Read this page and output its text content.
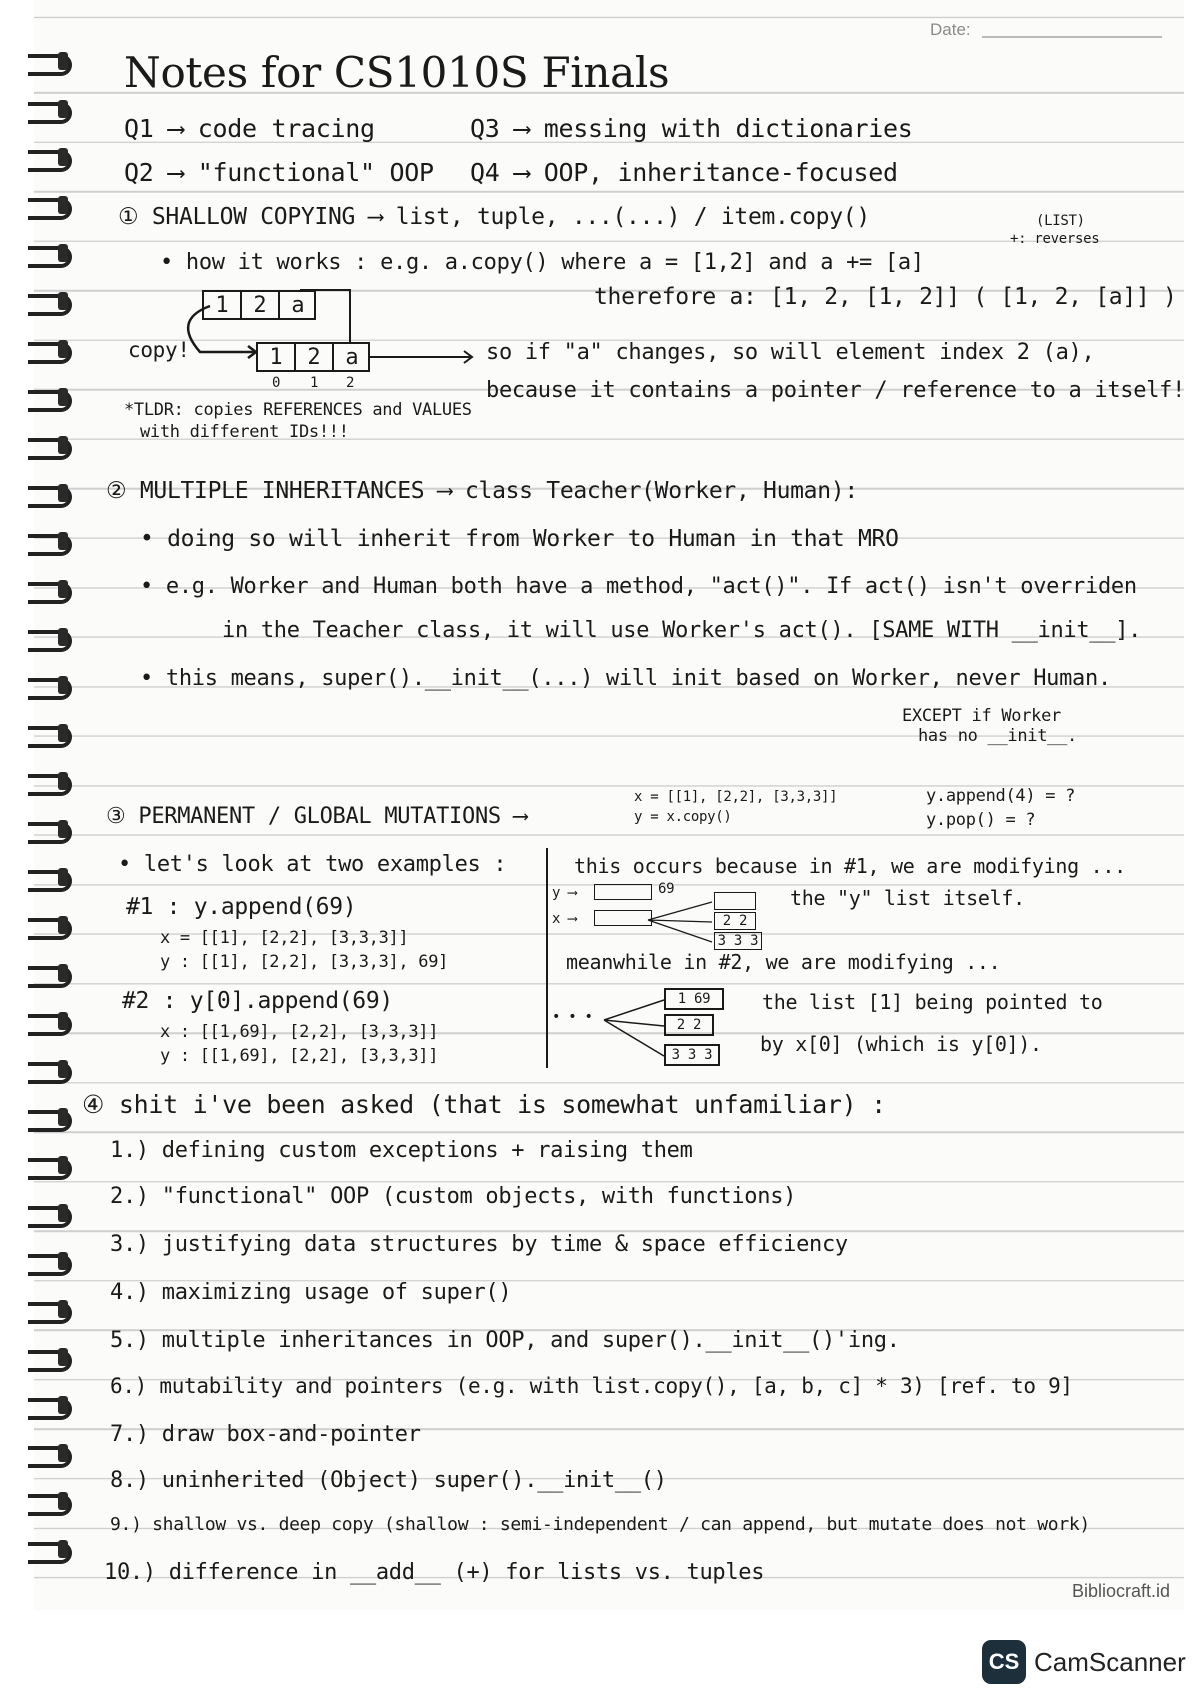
Date:
Notes for CS1010S Finals
Q1 ⟶ code tracing	Q3 ⟶ messing with dictionaries
Q2 ⟶ "functional" OOP Q4 ⟶ OOP, inheritance-focused
① SHALLOW COPYING ⟶ list, tuple, ...(...) / item.copy()
• how it works : e.g. a.copy() where a = [1,2] and a += [a]
(LIST)
+: reverses
therefore a: [1, 2, [1, 2]] ( [1, 2, [a]] )
1	2	a
1	2	a
0 1 2
copy!	so if "a" changes, so will element index 2 (a),
because it contains a pointer / reference to a itself!
*TLDR: copies REFERENCES and VALUES
with different IDs!!!
② MULTIPLE INHERITANCES ⟶ class Teacher(Worker, Human):
• doing so will inherit from Worker to Human in that MRO
• e.g. Worker and Human both have a method, "act()". If act() isn't overriden
in the Teacher class, it will use Worker's act(). [SAME WITH __init__].
• this means, super().__init__(...) will init based on Worker, never Human.
EXCEPT if Worker
has no __init__.
③ PERMANENT / GLOBAL MUTATIONS ⟶
x = [[1], [2,2], [3,3,3]]
y = x.copy()
y.append(4) = ?
y.pop() = ?
• let's look at two examples :
#1 : y.append(69)
x = [[1], [2,2], [3,3,3]]
y : [[1], [2,2], [3,3,3], 69]
#2 : y[0].append(69)
x : [[1,69], [2,2], [3,3,3]]
y : [[1,69], [2,2], [3,3,3]]
this occurs because in #1, we are modifying ...
the "y" list itself.
meanwhile in #2, we are modifying ...
the list [1] being pointed to
by x[0] (which is y[0]).
y ⟶
x ⟶
69
2 2
3 3 3
• • •
1 69
2 2
3 3 3
④ shit i've been asked (that is somewhat unfamiliar) :
1.) defining custom exceptions + raising them
2.) "functional" OOP (custom objects, with functions)
3.) justifying data structures by time & space efficiency
4.) maximizing usage of super()
5.) multiple inheritances in OOP, and super().__init__()'ing.
6.) mutability and pointers (e.g. with list.copy(), [a, b, c] * 3) [ref. to 9]
7.) draw box-and-pointer
8.) uninherited (Object) super().__init__()
9.) shallow vs. deep copy (shallow : semi-independent / can append, but mutate does not work)
10.) difference in __add__ (+) for lists vs. tuples
Bibliocraft.id
CS CamScanner
